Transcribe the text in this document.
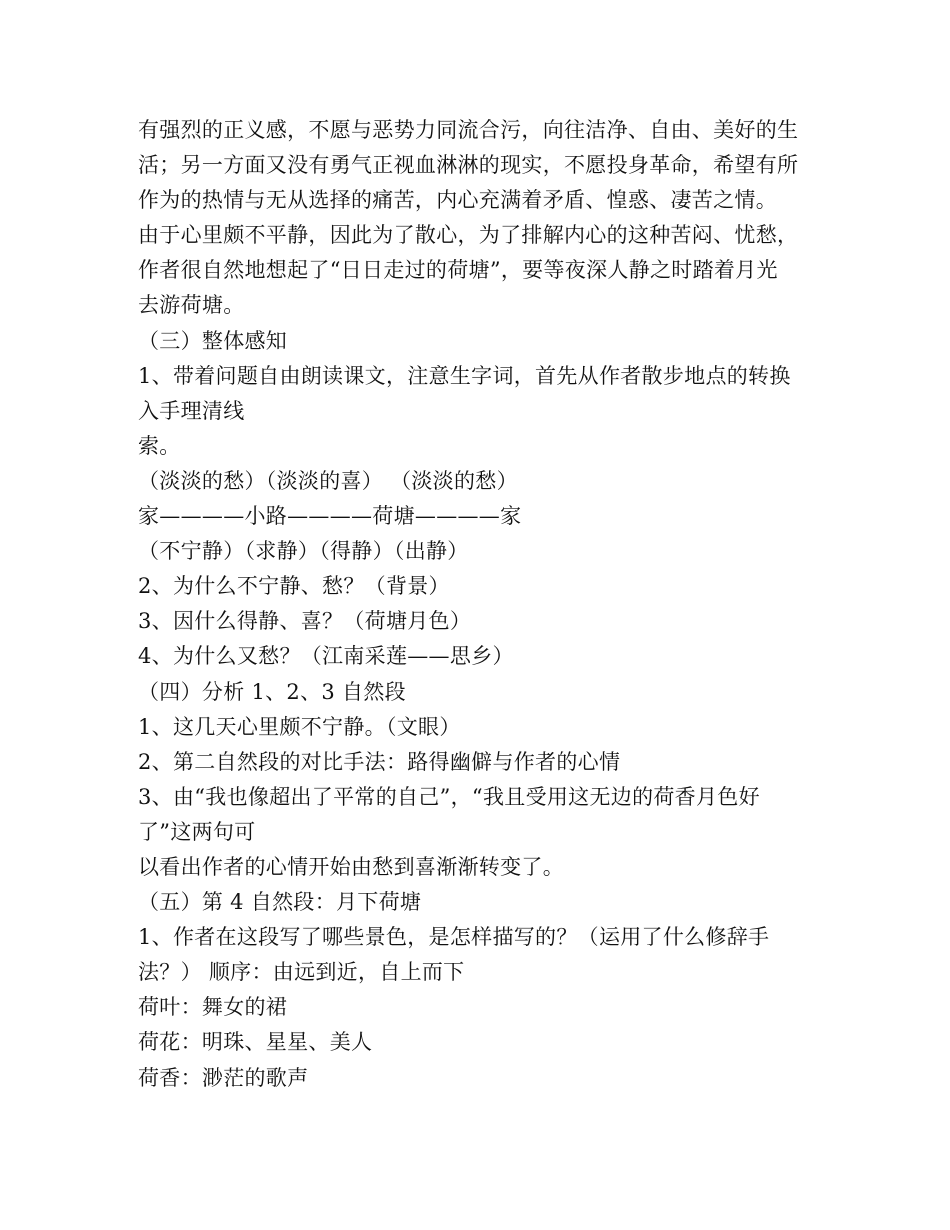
有强烈的正义感，不愿与恶势力同流合污，向往洁净、自由、美好的生
活；另一方面又没有勇气正视血淋淋的现实，不愿投身革命，希望有所
作为的热情与无从选择的痛苦，内心充满着矛盾、惶惑、凄苦之情。
由于心里颇不平静，因此为了散心，为了排解内心的这种苦闷、忧愁，
作者很自然地想起了“日日走过的荷塘”，要等夜深人静之时踏着月光
去游荷塘。
（三）整体感知
1、带着问题自由朗读课文，注意生字词，首先从作者散步地点的转换
入手理清线
索。
（淡淡的愁）（淡淡的喜） （淡淡的愁）
家————小路————荷塘————家
（不宁静）（求静）（得静）（出静）
2、为什么不宁静、愁？（背景）
3、因什么得静、喜？（荷塘月色）
4、为什么又愁？（江南采莲——思乡）
（四）分析 1、2、3 自然段
1、这几天心里颇不宁静。（文眼）
2、第二自然段的对比手法：路得幽僻与作者的心情
3、由“我也像超出了平常的自己”，“我且受用这无边的荷香月色好
了”这两句可
以看出作者的心情开始由愁到喜渐渐转变了。
（五）第 4 自然段：月下荷塘
1、作者在这段写了哪些景色，是怎样描写的？（运用了什么修辞手
法？） 顺序：由远到近，自上而下
荷叶：舞女的裙
荷花：明珠、星星、美人
荷香：渺茫的歌声
